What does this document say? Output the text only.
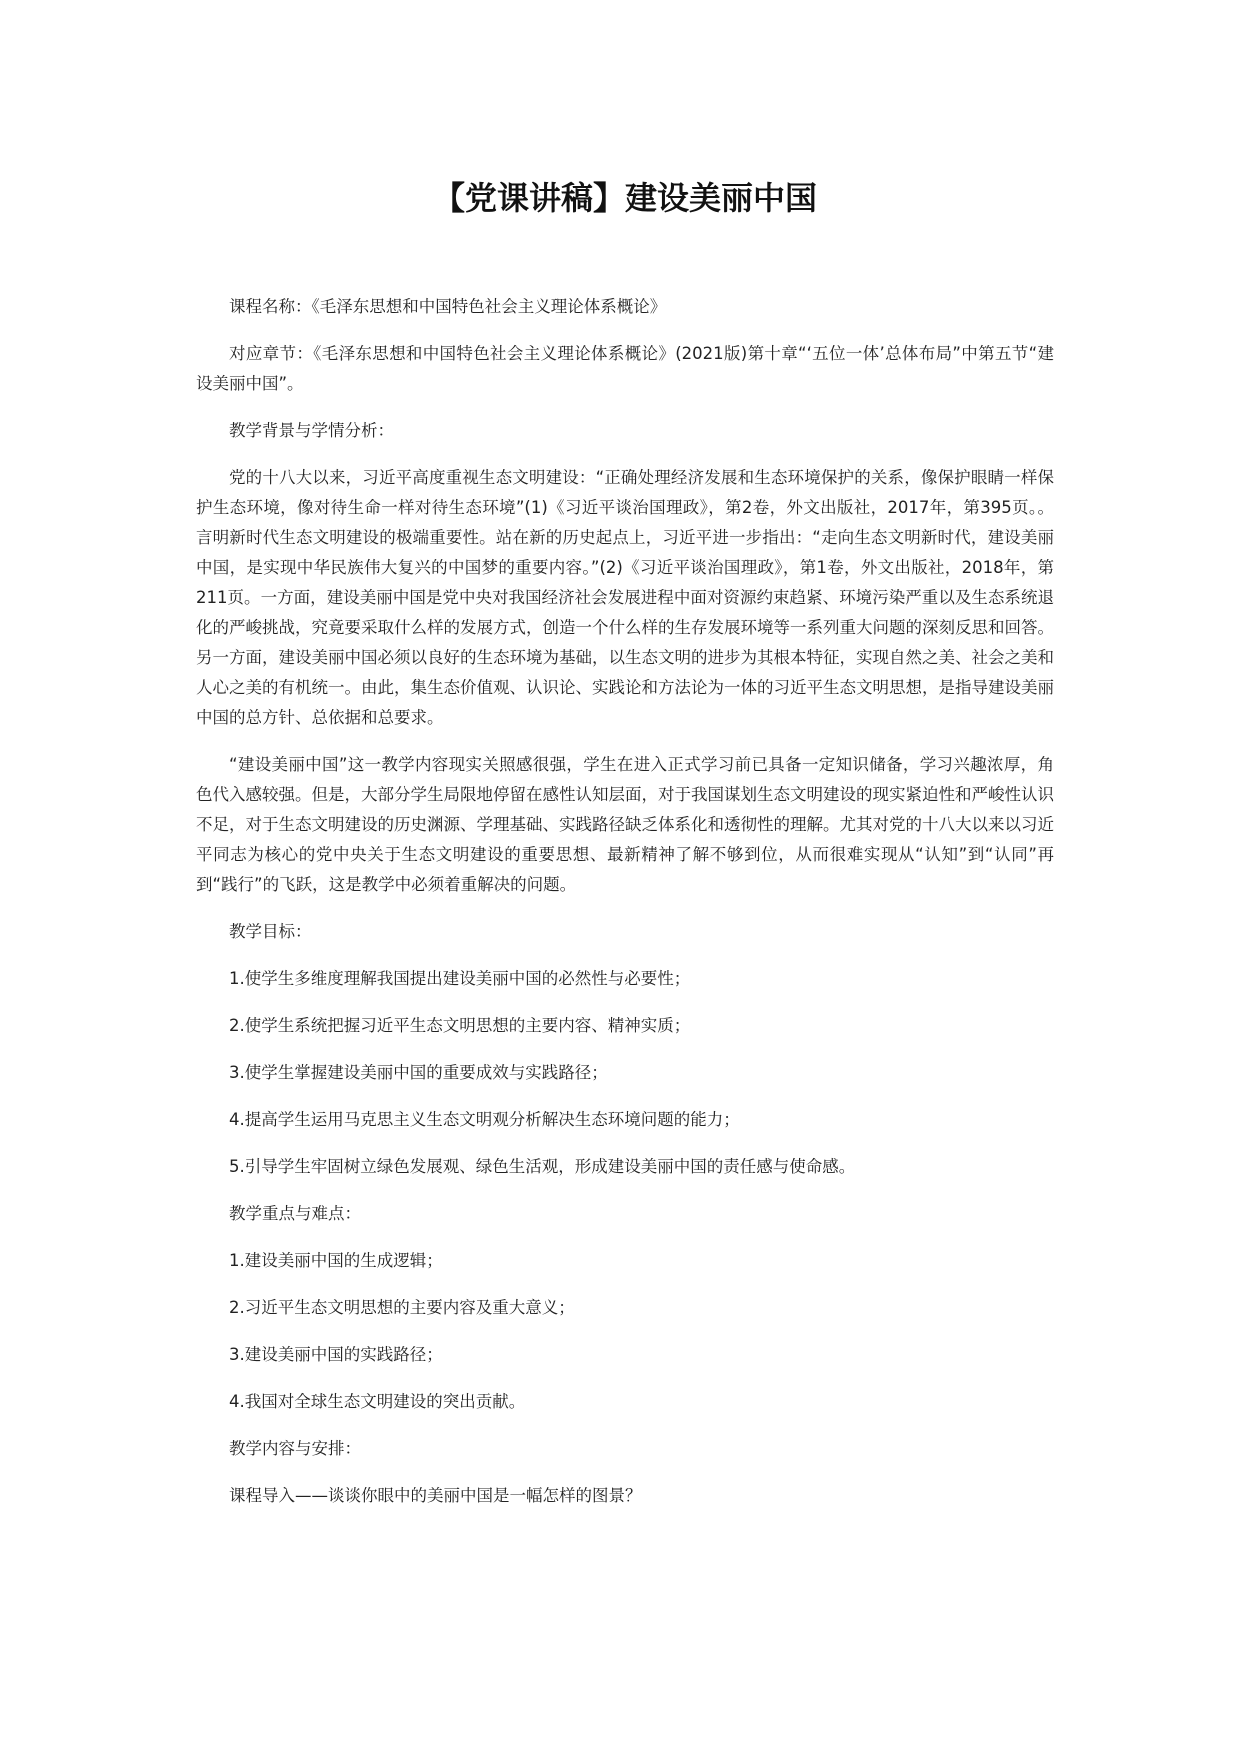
【党课讲稿】建设美丽中国

课程名称：《毛泽东思想和中国特色社会主义理论体系概论》

对应章节：《毛泽东思想和中国特色社会主义理论体系概论》(2021版)第十章“‘五位一体’总体布局”中第五节“建设美丽中国”。

教学背景与学情分析：

党的十八大以来，习近平高度重视生态文明建设：“正确处理经济发展和生态环境保护的关系，像保护眼睛一样保护生态环境，像对待生命一样对待生态环境”(1)《习近平谈治国理政》，第2卷，外文出版社，2017年，第395页。。言明新时代生态文明建设的极端重要性。站在新的历史起点上，习近平进一步指出：“走向生态文明新时代，建设美丽中国，是实现中华民族伟大复兴的中国梦的重要内容。”(2)《习近平谈治国理政》，第1卷，外文出版社，2018年，第211页。一方面，建设美丽中国是党中央对我国经济社会发展进程中面对资源约束趋紧、环境污染严重以及生态系统退化的严峻挑战，究竟要采取什么样的发展方式，创造一个什么样的生存发展环境等一系列重大问题的深刻反思和回答。另一方面，建设美丽中国必须以良好的生态环境为基础，以生态文明的进步为其根本特征，实现自然之美、社会之美和人心之美的有机统一。由此，集生态价值观、认识论、实践论和方法论为一体的习近平生态文明思想，是指导建设美丽中国的总方针、总依据和总要求。

“建设美丽中国”这一教学内容现实关照感很强，学生在进入正式学习前已具备一定知识储备，学习兴趣浓厚，角色代入感较强。但是，大部分学生局限地停留在感性认知层面，对于我国谋划生态文明建设的现实紧迫性和严峻性认识不足，对于生态文明建设的历史渊源、学理基础、实践路径缺乏体系化和透彻性的理解。尤其对党的十八大以来以习近平同志为核心的党中央关于生态文明建设的重要思想、最新精神了解不够到位，从而很难实现从“认知”到“认同”再到“践行”的飞跃，这是教学中必须着重解决的问题。

教学目标：

1.使学生多维度理解我国提出建设美丽中国的必然性与必要性；

2.使学生系统把握习近平生态文明思想的主要内容、精神实质；

3.使学生掌握建设美丽中国的重要成效与实践路径；

4.提高学生运用马克思主义生态文明观分析解决生态环境问题的能力；

5.引导学生牢固树立绿色发展观、绿色生活观，形成建设美丽中国的责任感与使命感。

教学重点与难点：

1.建设美丽中国的生成逻辑；

2.习近平生态文明思想的主要内容及重大意义；

3.建设美丽中国的实践路径；

4.我国对全球生态文明建设的突出贡献。

教学内容与安排：

课程导入——谈谈你眼中的美丽中国是一幅怎样的图景？
